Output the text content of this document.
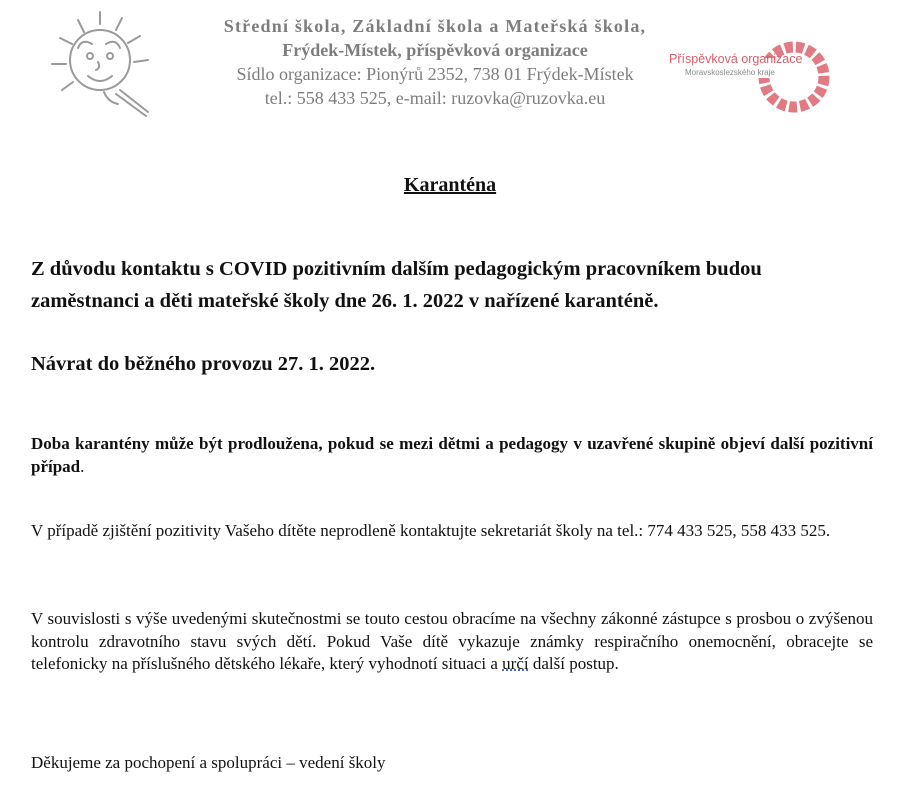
Střední škola, Základní škola a Mateřská škola,
Frýdek-Místek, příspěvková organizace
Sídlo organizace: Pionýrů 2352, 738 01 Frýdek-Místek
tel.: 558 433 525, e-mail: ruzovka@ruzovka.eu
Příspěvková organizace
Moravskoslezského kraje
Karanténa

Z důvodu kontaktu s COVID pozitivním dalším pedagogickým pracovníkem budou zaměstnanci a děti mateřské školy dne 26. 1. 2022 v nařízené karanténě.

Návrat do běžného provozu 27. 1. 2022.

Doba karantény může být prodloužena, pokud se mezi dětmi a pedagogy v uzavřené skupině objeví další pozitivní případ.

V případě zjištění pozitivity Vašeho dítěte neprodleně kontaktujte sekretariát školy na tel.: 774 433 525, 558 433 525.

V souvislosti s výše uvedenými skutečnostmi se touto cestou obracíme na všechny zákonné zástupce s prosbou o zvýšenou kontrolu zdravotního stavu svých dětí. Pokud Vaše dítě vykazuje známky respiračního onemocnění, obracejte se telefonicky na příslušného dětského lékaře, který vyhodnotí situaci a určí další postup.

Děkujeme za pochopení a spolupráci – vedení školy
